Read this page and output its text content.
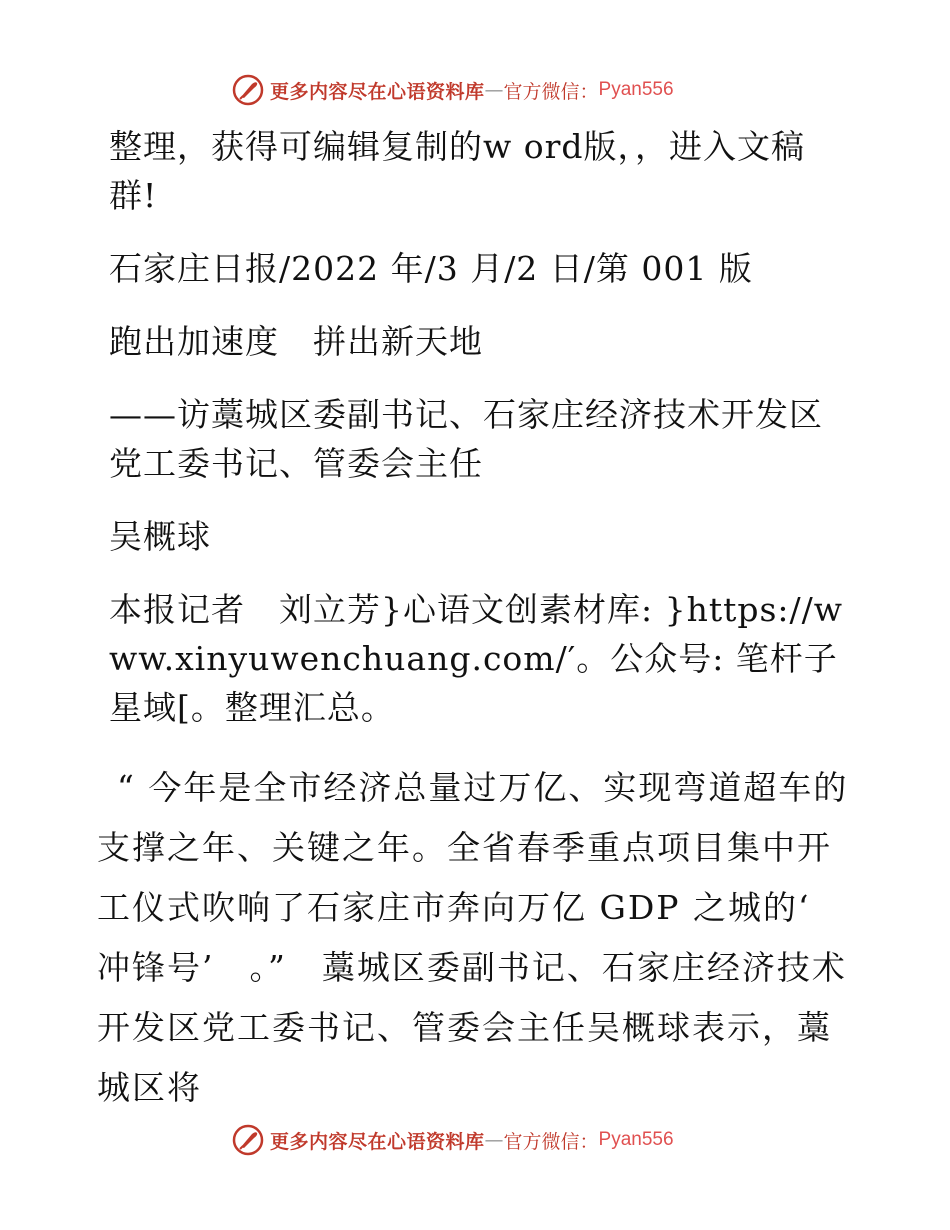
更多内容尽在心语资料库 — 官方微信： Pyan556

整理，获得可编辑复制的w ord版，，进入文稿群!

石家庄日报/2022 年/3 月/2 日/第 001 版

跑出加速度　拼出新天地

——访藁城区委副书记、石家庄经济技术开发区党工委书记、管委会主任

吴概球

本报记者　刘立芳}心语文创素材库: }https://www.xinyuwenchuang.com/′。公众号: 笔杆子星域[。整理汇总。

“ 今年是全市经济总量过万亿、实现弯道超车的支撑之年、关键之年。全省春季重点项目集中开工仪式吹响了石家庄市奔向万亿 GDP 之城的‘ 冲锋号’　。”　藁城区委副书记、石家庄经济技术开发区党工委书记、管委会主任吴概球表示，藁城区将

更多内容尽在心语资料库 — 官方微信： Pyan556
